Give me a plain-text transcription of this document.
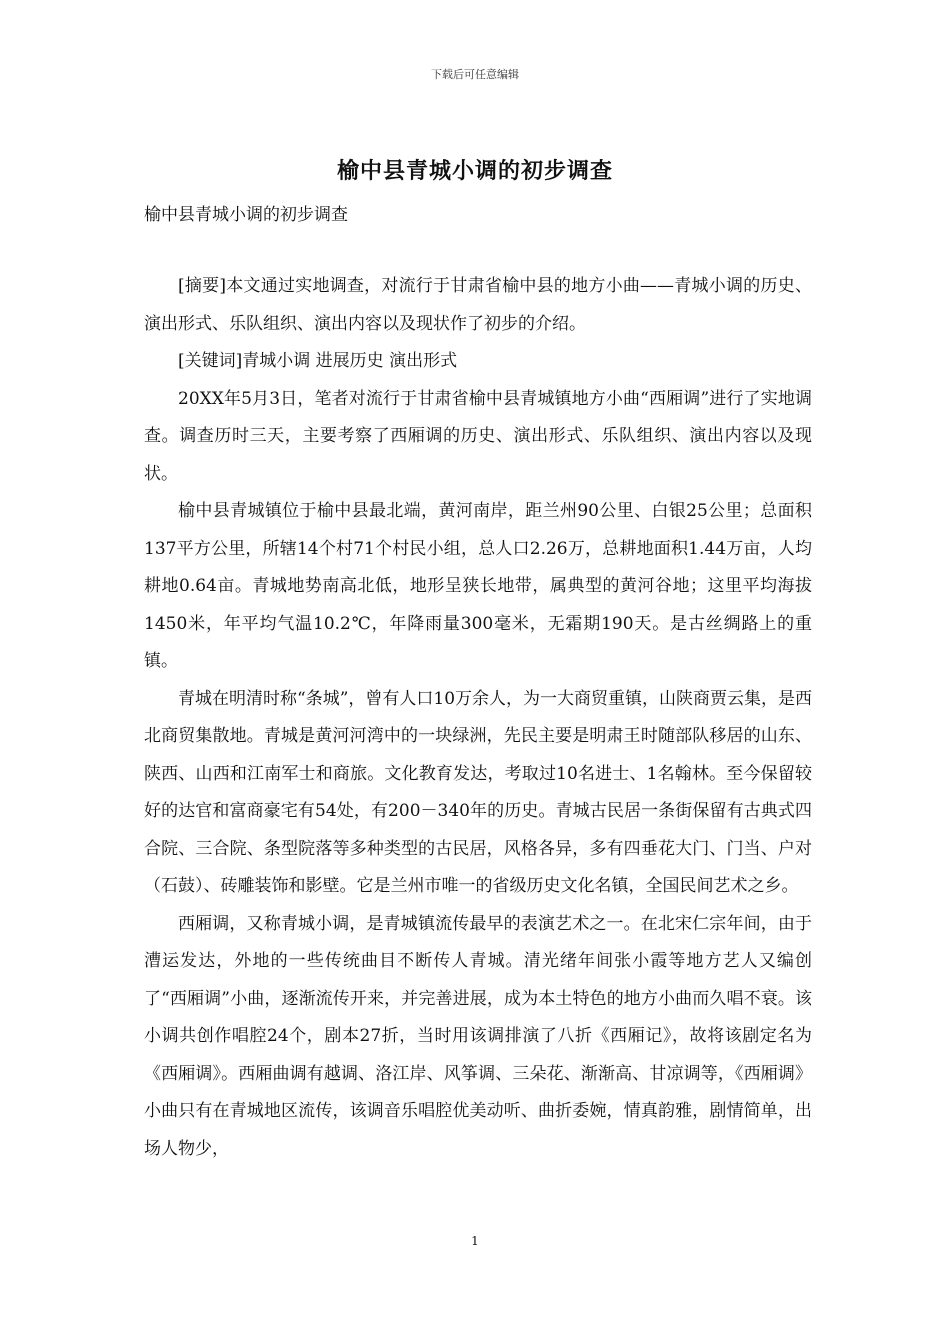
下载后可任意编辑
榆中县青城小调的初步调查
榆中县青城小调的初步调查

[摘要]本文通过实地调查，对流行于甘肃省榆中县的地方小曲——青城小调的历史、演出形式、乐队组织、演出内容以及现状作了初步的介绍。

[关键词]青城小调 进展历史 演出形式

20XX年5月3日，笔者对流行于甘肃省榆中县青城镇地方小曲“西厢调”进行了实地调查。调查历时三天，主要考察了西厢调的历史、演出形式、乐队组织、演出内容以及现状。

榆中县青城镇位于榆中县最北端，黄河南岸，距兰州90公里、白银25公里；总面积137平方公里，所辖14个村71个村民小组，总人口2.26万，总耕地面积1.44万亩，人均耕地0.64亩。青城地势南高北低，地形呈狭长地带，属典型的黄河谷地；这里平均海拔1450米，年平均气温10.2℃，年降雨量300毫米，无霜期190天。是古丝绸路上的重镇。

青城在明清时称“条城”，曾有人口10万余人，为一大商贸重镇，山陕商贾云集，是西北商贸集散地。青城是黄河河湾中的一块绿洲，先民主要是明肃王时随部队移居的山东、陕西、山西和江南军士和商旅。文化教育发达，考取过10名进士、1名翰林。至今保留较好的达官和富商豪宅有54处，有200－340年的历史。青城古民居一条街保留有古典式四合院、三合院、条型院落等多种类型的古民居，风格各异，多有四垂花大门、门当、户对（石鼓）、砖雕装饰和影壁。它是兰州市唯一的省级历史文化名镇，全国民间艺术之乡。

西厢调，又称青城小调，是青城镇流传最早的表演艺术之一。在北宋仁宗年间，由于漕运发达，外地的一些传统曲目不断传人青城。清光绪年间张小霞等地方艺人又编创了“西厢调”小曲，逐渐流传开来，并完善进展，成为本土特色的地方小曲而久唱不衰。该小调共创作唱腔24个，剧本27折，当时用该调排演了八折《西厢记》，故将该剧定名为《西厢调》。西厢曲调有越调、洛江岸、风筝调、三朵花、渐渐高、甘凉调等，《西厢调》小曲只有在青城地区流传，该调音乐唱腔优美动听、曲折委婉，情真韵雅，剧情简单，出场人物少，

1
